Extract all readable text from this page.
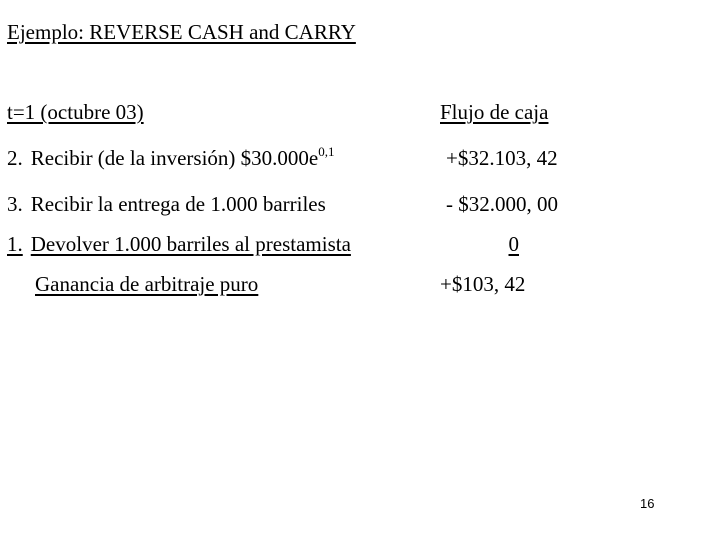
Ejemplo: REVERSE CASH and CARRY
t=1 (octubre 03)	Flujo de caja
2. Recibir (de la inversión) $\$30.000e^{0,1}$	+$32.103, 42
3. Recibir la entrega de 1.000 barriles	- $32.000, 00
1. Devolver 1.000 barriles al prestamista	0
Ganancia de arbitraje puro	+$103, 42
16
